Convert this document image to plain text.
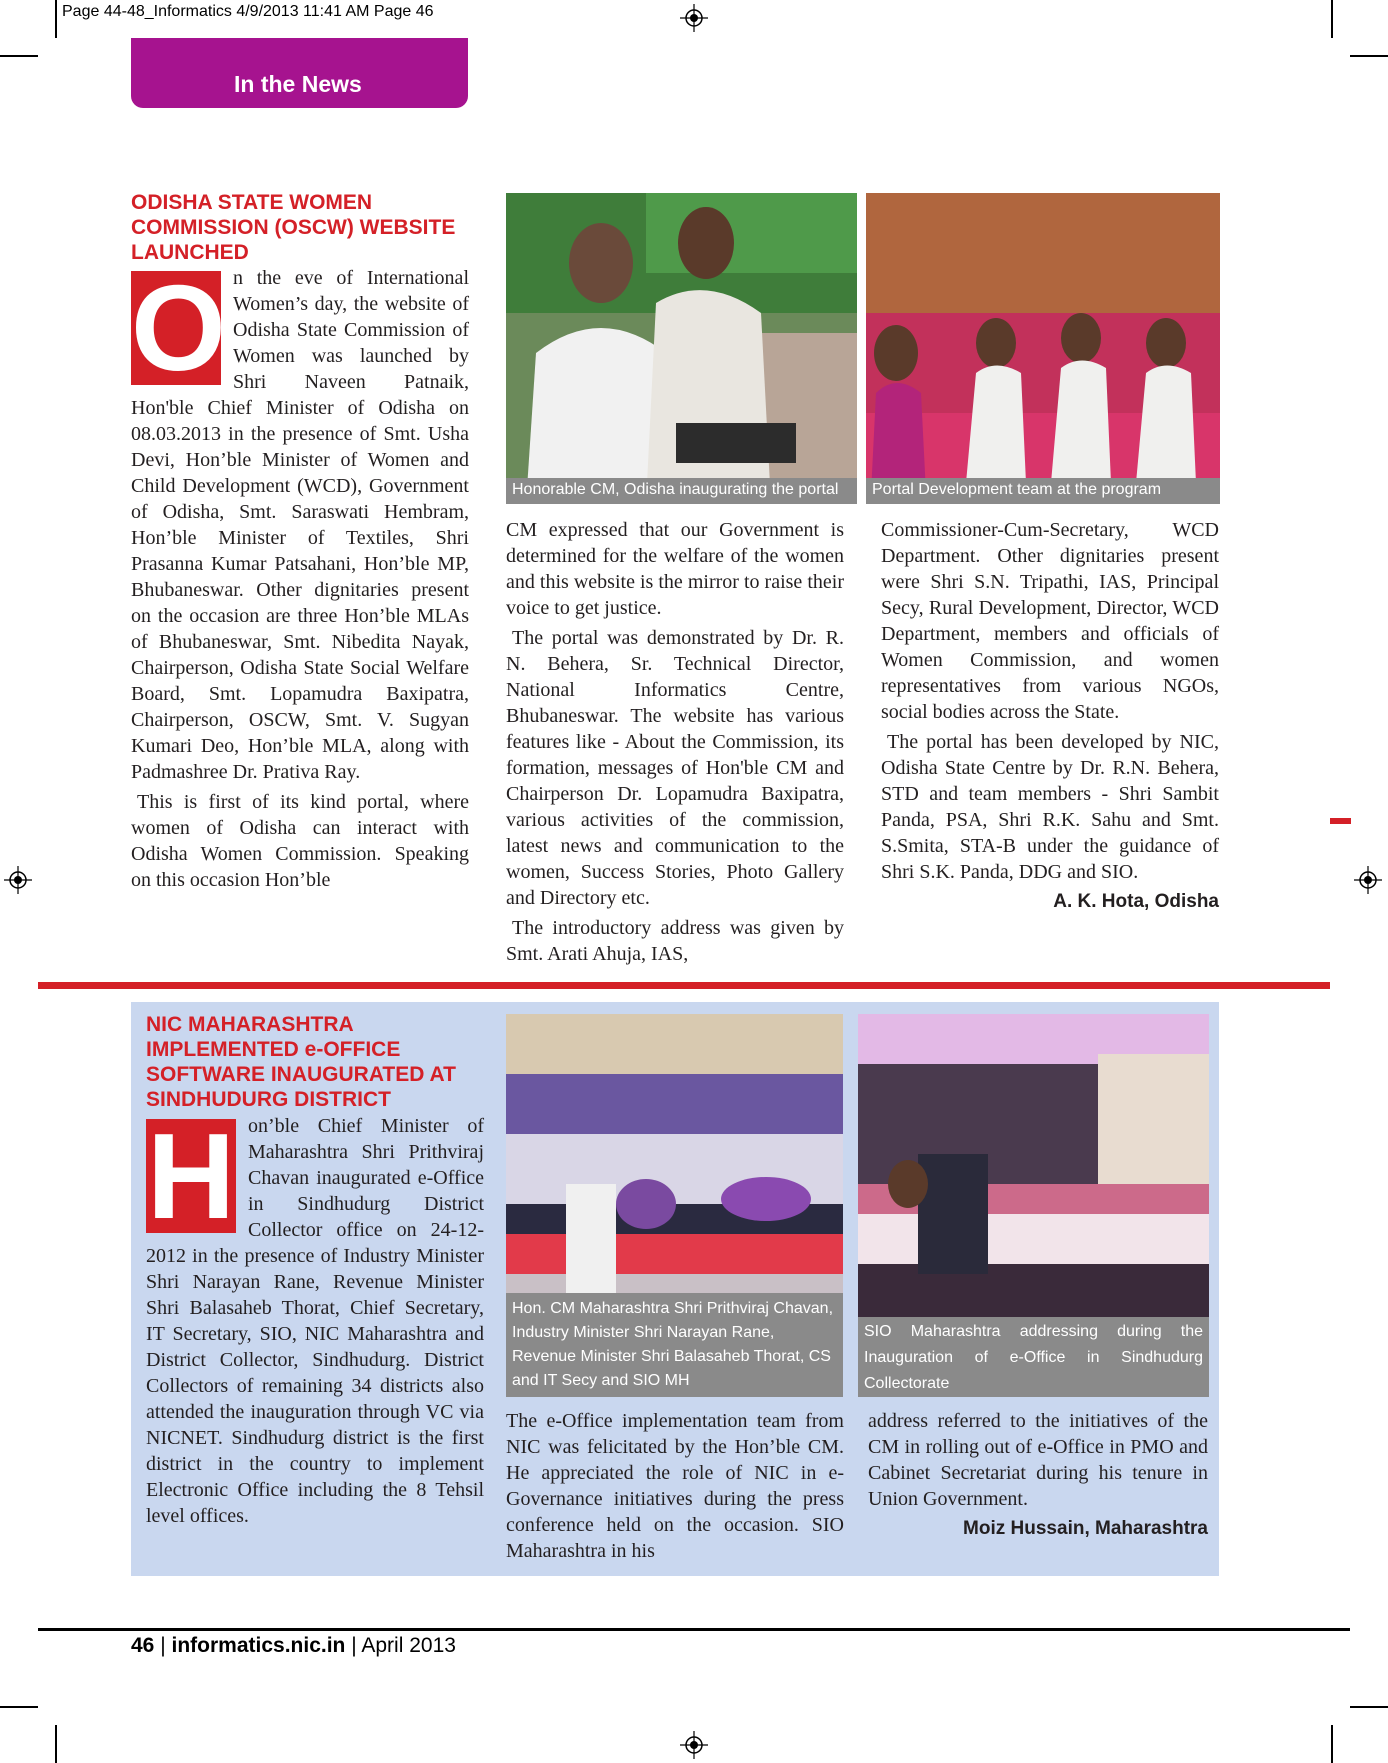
Page 44-48_Informatics 4/9/2013 11:41 AM Page 46
In the News
ODISHA STATE WOMEN COMMISSION (OSCW) WEBSITE LAUNCHED
O n the eve of International Women’s day, the website of Odisha State Commission of Women was launched by Shri Naveen Patnaik, Hon'ble Chief Minister of Odisha on 08.03.2013 in the presence of Smt. Usha Devi, Hon’ble Minister of Women and Child Development (WCD), Government of Odisha, Smt. Saraswati Hembram, Hon’ble Minister of Textiles, Shri Prasanna Kumar Patsahani, Hon’ble MP, Bhubaneswar. Other dignitaries present on the occasion are three Hon’ble MLAs of Bhubaneswar, Smt. Nibedita Nayak, Chairperson, Odisha State Social Welfare Board, Smt. Lopamudra Baxipatra, Chairperson, OSCW, Smt. V. Sugyan Kumari Deo, Hon’ble MLA, along with Padmashree Dr. Prativa Ray.

This is first of its kind portal, where women of Odisha can interact with Odisha Women Commission. Speaking on this occasion Hon’ble

Honorable CM, Odisha inaugurating the portal	Portal Development team at the program

CM expressed that our Government is determined for the welfare of the women and this website is the mirror to raise their voice to get justice.

The portal was demonstrated by Dr. R. N. Behera, Sr. Technical Director, National Informatics Centre, Bhubaneswar. The website has various features like - About the Commission, its formation, messages of Hon'ble CM and Chairperson Dr. Lopamudra Baxipatra, various activities of the commission, latest news and communication to the women, Success Stories, Photo Gallery and Directory etc.

The introductory address was given by Smt. Arati Ahuja, IAS,

Commissioner-Cum-Secretary, WCD Department. Other dignitaries present were Shri S.N. Tripathi, IAS, Principal Secy, Rural Development, Director, WCD Department, members and officials of Women Commission, and women representatives from various NGOs, social bodies across the State.

The portal has been developed by NIC, Odisha State Centre by Dr. R.N. Behera, STD and team members - Shri Sambit Panda, PSA, Shri R.K. Sahu and Smt. S.Smita, STA-B under the guidance of Shri S.K. Panda, DDG and SIO.

A. K. Hota, Odisha
NIC MAHARASHTRA IMPLEMENTED e-OFFICE SOFTWARE INAUGURATED AT SINDHUDURG DISTRICT
H on’ble Chief Minister of Maharashtra Shri Prithviraj Chavan inaugurated e-Office in Sindhudurg District Collector office on 24-12-2012 in the presence of Industry Minister Shri Narayan Rane, Revenue Minister Shri Balasaheb Thorat, Chief Secretary, IT Secretary, SIO, NIC Maharashtra and District Collector, Sindhudurg. District Collectors of remaining 34 districts also attended the inauguration through VC via NICNET. Sindhudurg district is the first district in the country to implement Electronic Office including the 8 Tehsil level offices.

Hon. CM Maharashtra Shri Prithviraj Chavan, Industry Minister Shri Narayan Rane, Revenue Minister Shri Balasaheb Thorat, CS and IT Secy and SIO MH
SIO Maharashtra addressing during the Inauguration of e-Office in Sindhudurg Collectorate

The e-Office implementation team from NIC was felicitated by the Hon’ble CM. He appreciated the role of NIC in e-Governance initiatives during the press conference held on the occasion. SIO Maharashtra in his

address referred to the initiatives of the CM in rolling out of e-Office in PMO and Cabinet Secretariat during his tenure in Union Government.

Moiz Hussain, Maharashtra
46 | informatics.nic.in | April 2013
